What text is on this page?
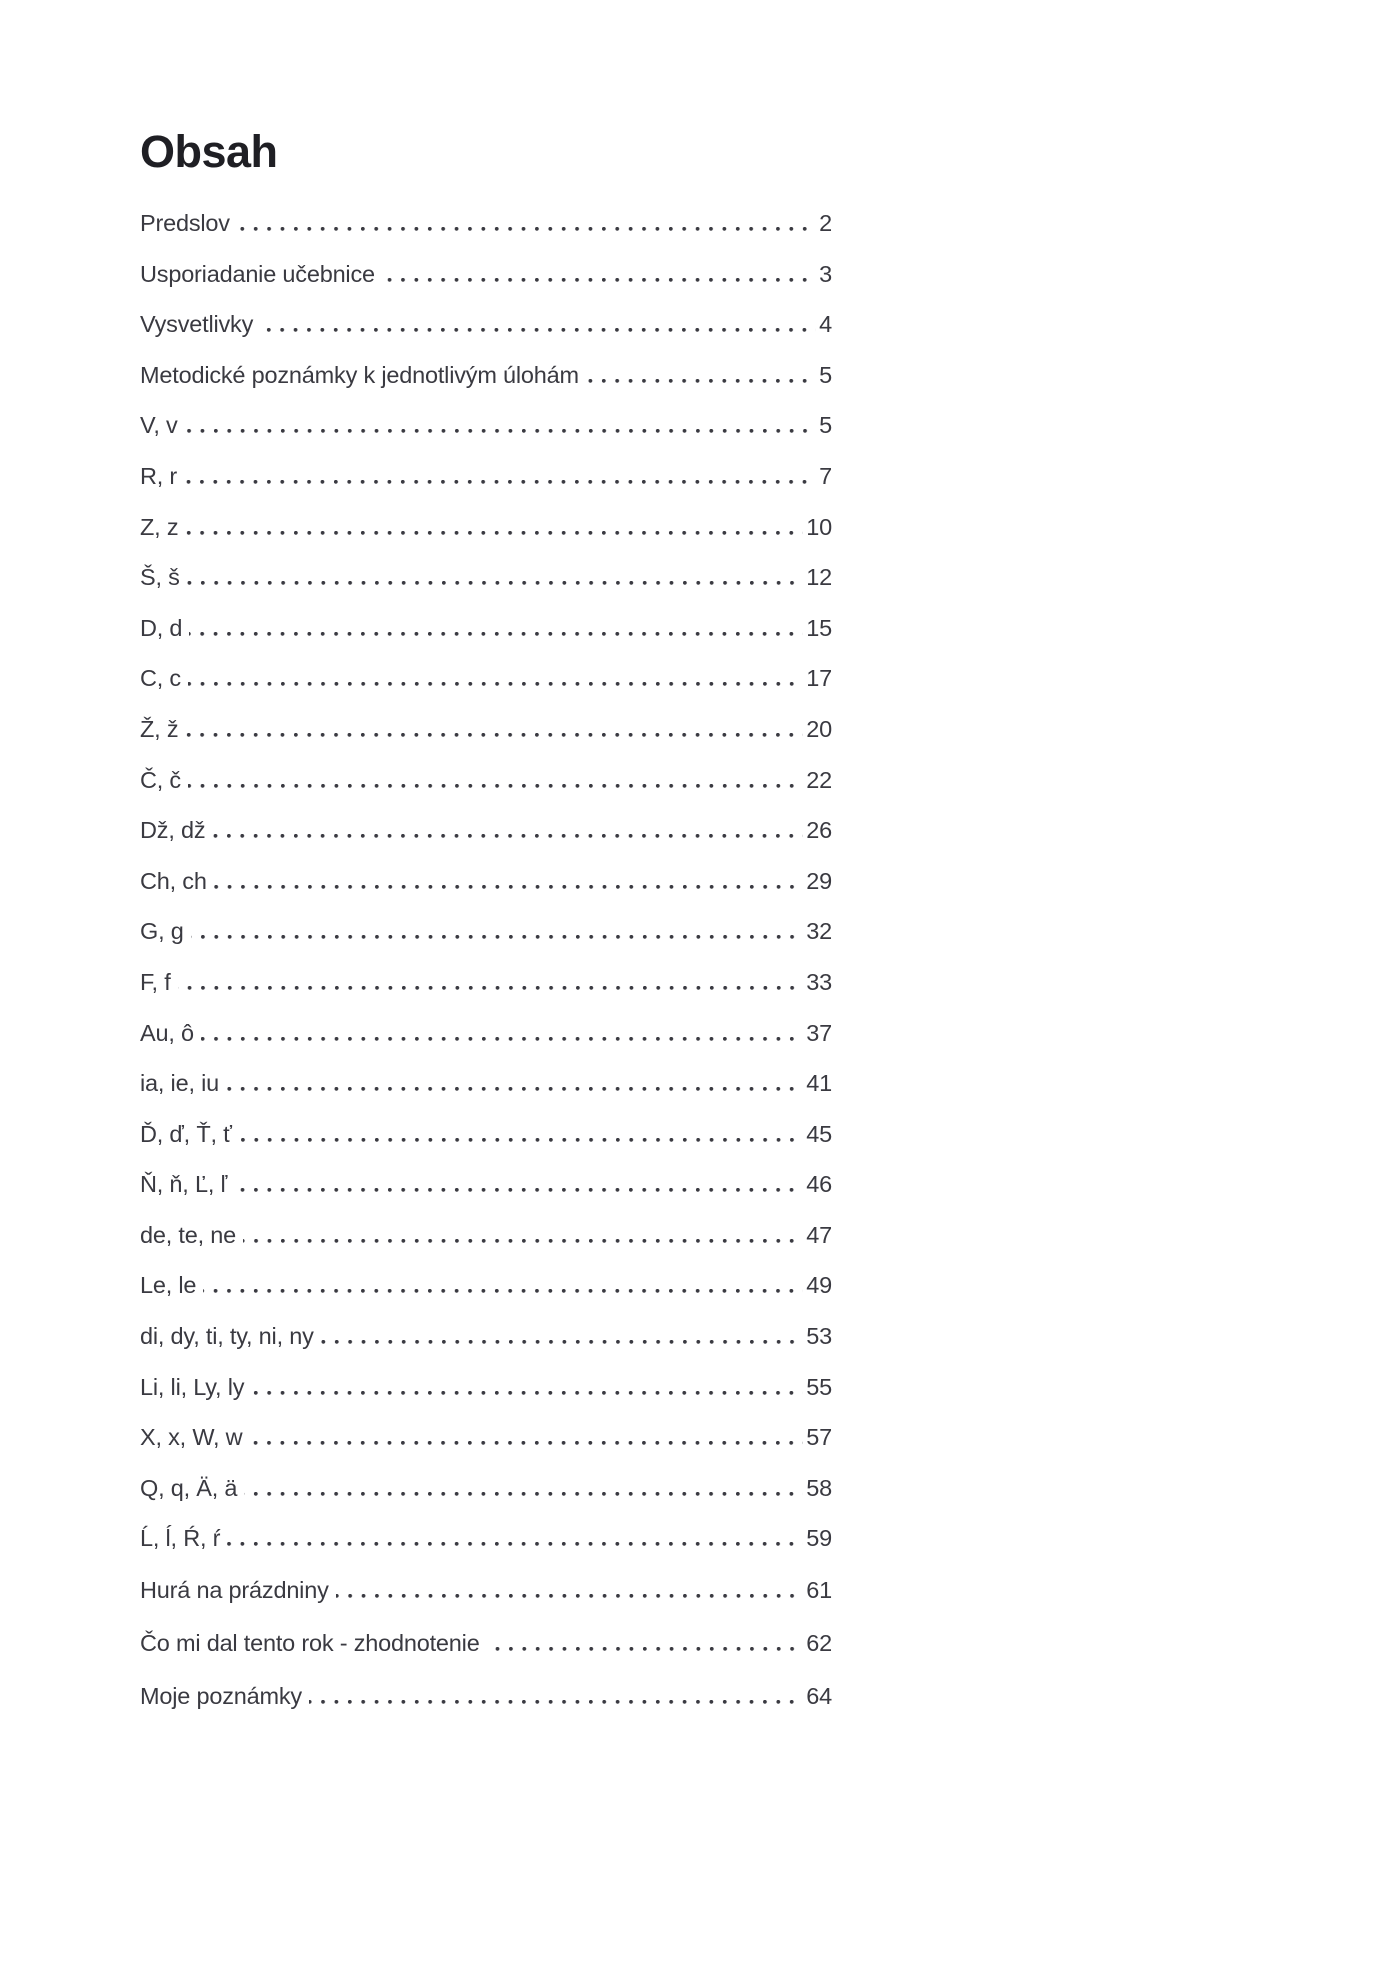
Obsah
Predslov	2
Usporiadanie učebnice	3
Vysvetlivky	4
Metodické poznámky k jednotlivým úlohám	5
V, v	5
R, r	7
Z, z	10
Š, š	12
D, d	15
C, c	17
Ž, ž	20
Č, č	22
Dž, dž	26
Ch, ch	29
G, g	32
F, f	33
Au, ô	37
ia, ie, iu	41
Ď, ď, Ť, ť	45
Ň, ň, Ľ, ľ	46
de, te, ne	47
Le, le	49
di, dy, ti, ty, ni, ny	53
Li, li, Ly, ly	55
X, x, W, w	57
Q, q, Ä, ä	58
Ĺ, ĺ, Ŕ, ŕ	59
Hurá na prázdniny	61
Čo mi dal tento rok - zhodnotenie	62
Moje poznámky	64
